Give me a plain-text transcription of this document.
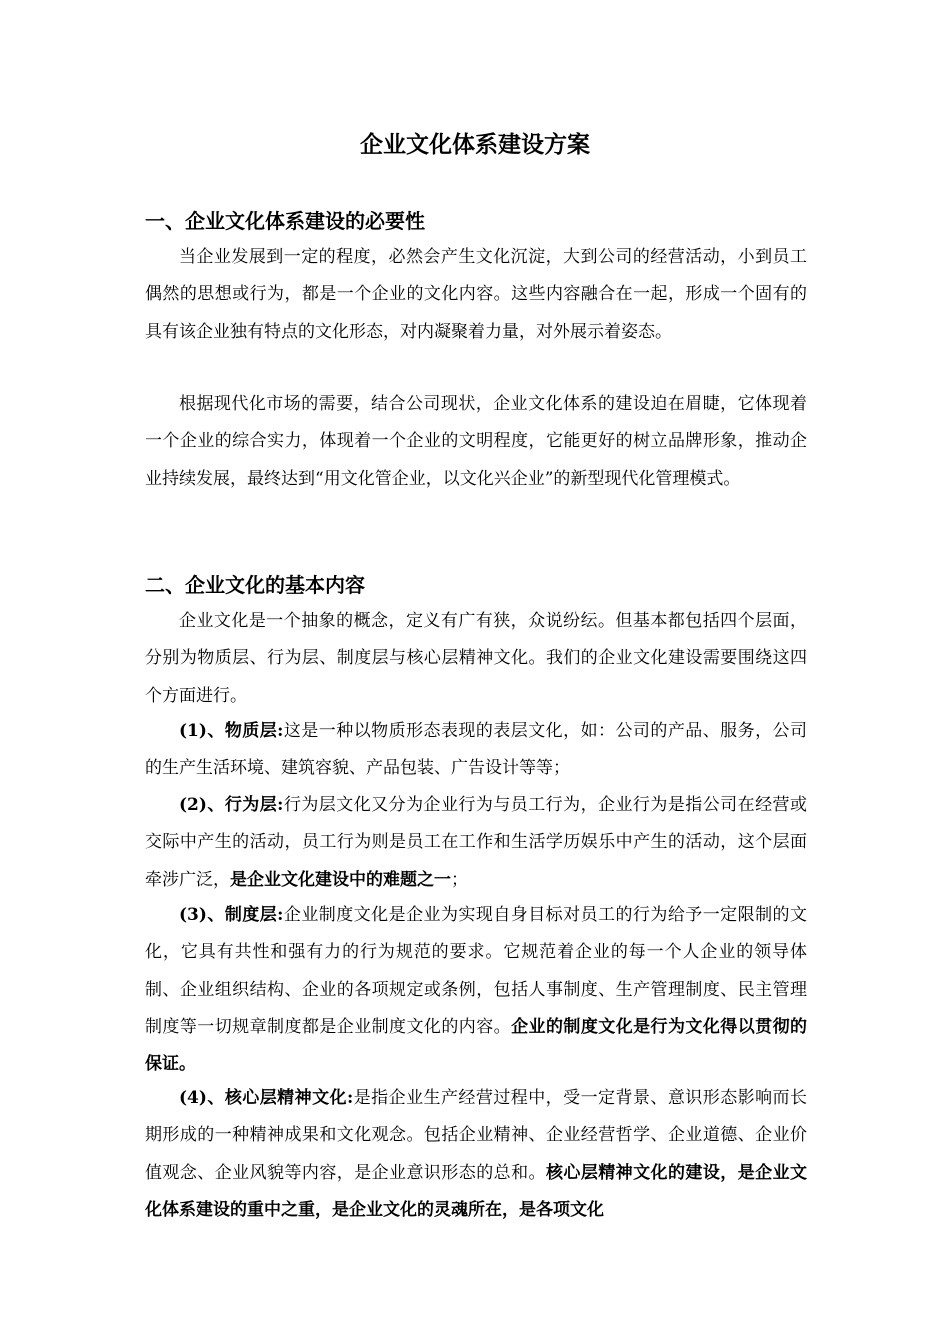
企业文化体系建设方案
一、企业文化体系建设的必要性
当企业发展到一定的程度，必然会产生文化沉淀，大到公司的经营活动，小到员工偶然的思想或行为，都是一个企业的文化内容。这些内容融合在一起，形成一个固有的具有该企业独有特点的文化形态，对内凝聚着力量，对外展示着姿态。
根据现代化市场的需要，结合公司现状，企业文化体系的建设迫在眉睫，它体现着一个企业的综合实力，体现着一个企业的文明程度，它能更好的树立品牌形象，推动企业持续发展，最终达到“用文化管企业，以文化兴企业”的新型现代化管理模式。
二、企业文化的基本内容
企业文化是一个抽象的概念，定义有广有狭，众说纷纭。但基本都包括四个层面，分别为物质层、行为层、制度层与核心层精神文化。我们的企业文化建设需要围绕这四个方面进行。
(1)、物质层:这是一种以物质形态表现的表层文化，如：公司的产品、服务，公司的生产生活环境、建筑容貌、产品包装、广告设计等等；
(2)、行为层:行为层文化又分为企业行为与员工行为，企业行为是指公司在经营或交际中产生的活动，员工行为则是员工在工作和生活学历娱乐中产生的活动，这个层面牵涉广泛，是企业文化建设中的难题之一；
(3)、制度层:企业制度文化是企业为实现自身目标对员工的行为给予一定限制的文化，它具有共性和强有力的行为规范的要求。它规范着企业的每一个人企业的领导体制、企业组织结构、企业的各项规定或条例，包括人事制度、生产管理制度、民主管理制度等一切规章制度都是企业制度文化的内容。企业的制度文化是行为文化得以贯彻的保证。
(4)、核心层精神文化:是指企业生产经营过程中，受一定背景、意识形态影响而长期形成的一种精神成果和文化观念。包括企业精神、企业经营哲学、企业道德、企业价值观念、企业风貌等内容，是企业意识形态的总和。核心层精神文化的建设，是企业文化体系建设的重中之重，是企业文化的灵魂所在，是各项文化
